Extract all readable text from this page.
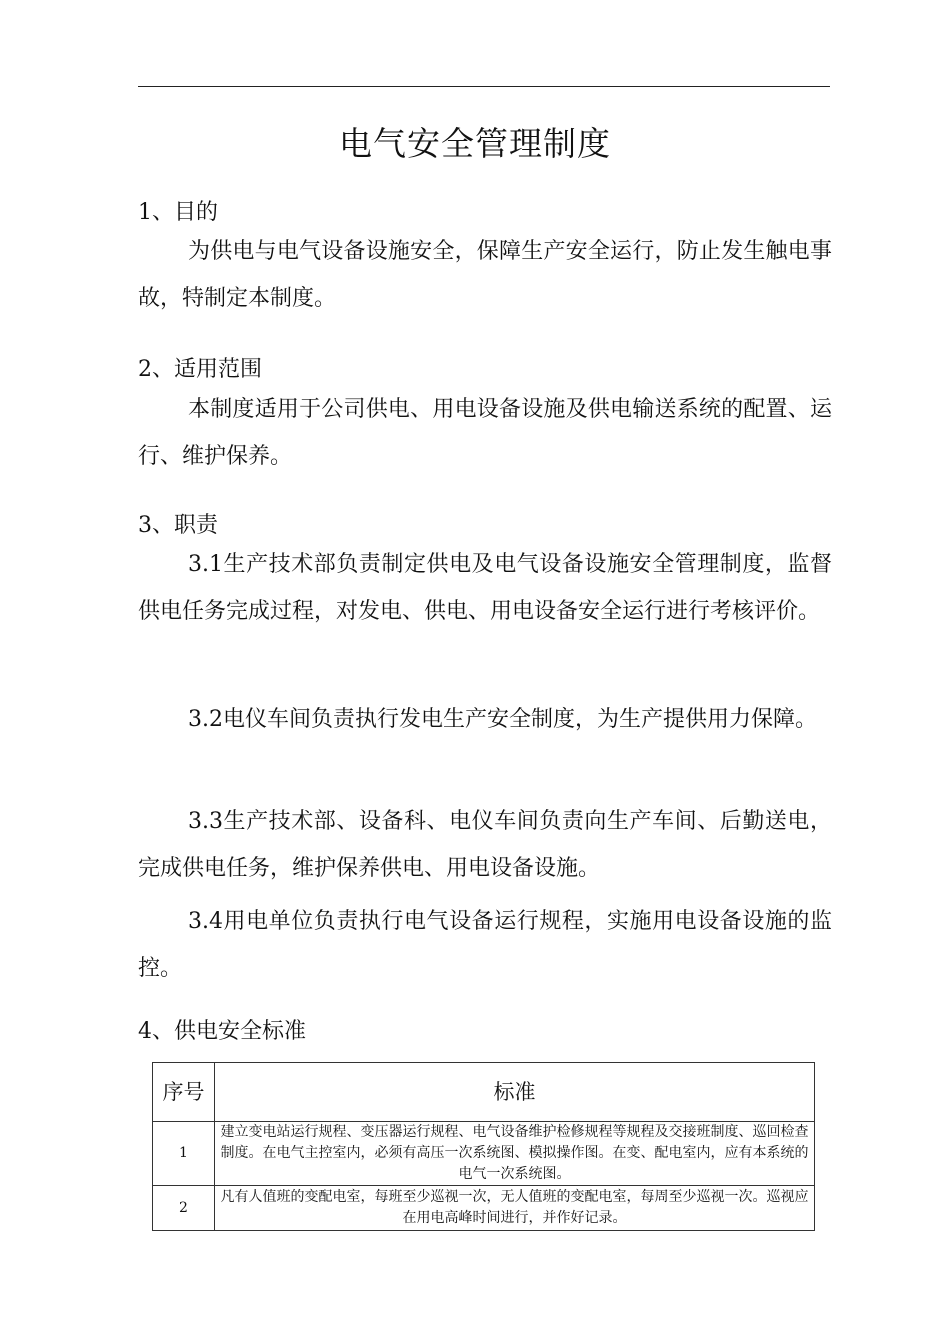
电气安全管理制度
1、目的
为供电与电气设备设施安全，保障生产安全运行，防止发生触电事故，特制定本制度。
2、适用范围
本制度适用于公司供电、用电设备设施及供电输送系统的配置、运行、维护保养。
3、职责
3.1生产技术部负责制定供电及电气设备设施安全管理制度，监督供电任务完成过程，对发电、供电、用电设备安全运行进行考核评价。
3.2电仪车间负责执行发电生产安全制度，为生产提供用力保障。
3.3生产技术部、设备科、电仪车间负责向生产车间、后勤送电，完成供电任务，维护保养供电、用电设备设施。
3.4用电单位负责执行电气设备运行规程，实施用电设备设施的监控。
4、供电安全标准
序号	标准
1	建立变电站运行规程、变压器运行规程、电气设备维护检修规程等规程及交接班制度、巡回检查制度。在电气主控室内，必须有高压一次系统图、模拟操作图。在变、配电室内，应有本系统的电气一次系统图。
2	凡有人值班的变配电室，每班至少巡视一次，无人值班的变配电室，每周至少巡视一次。巡视应在用电高峰时间进行，并作好记录。
